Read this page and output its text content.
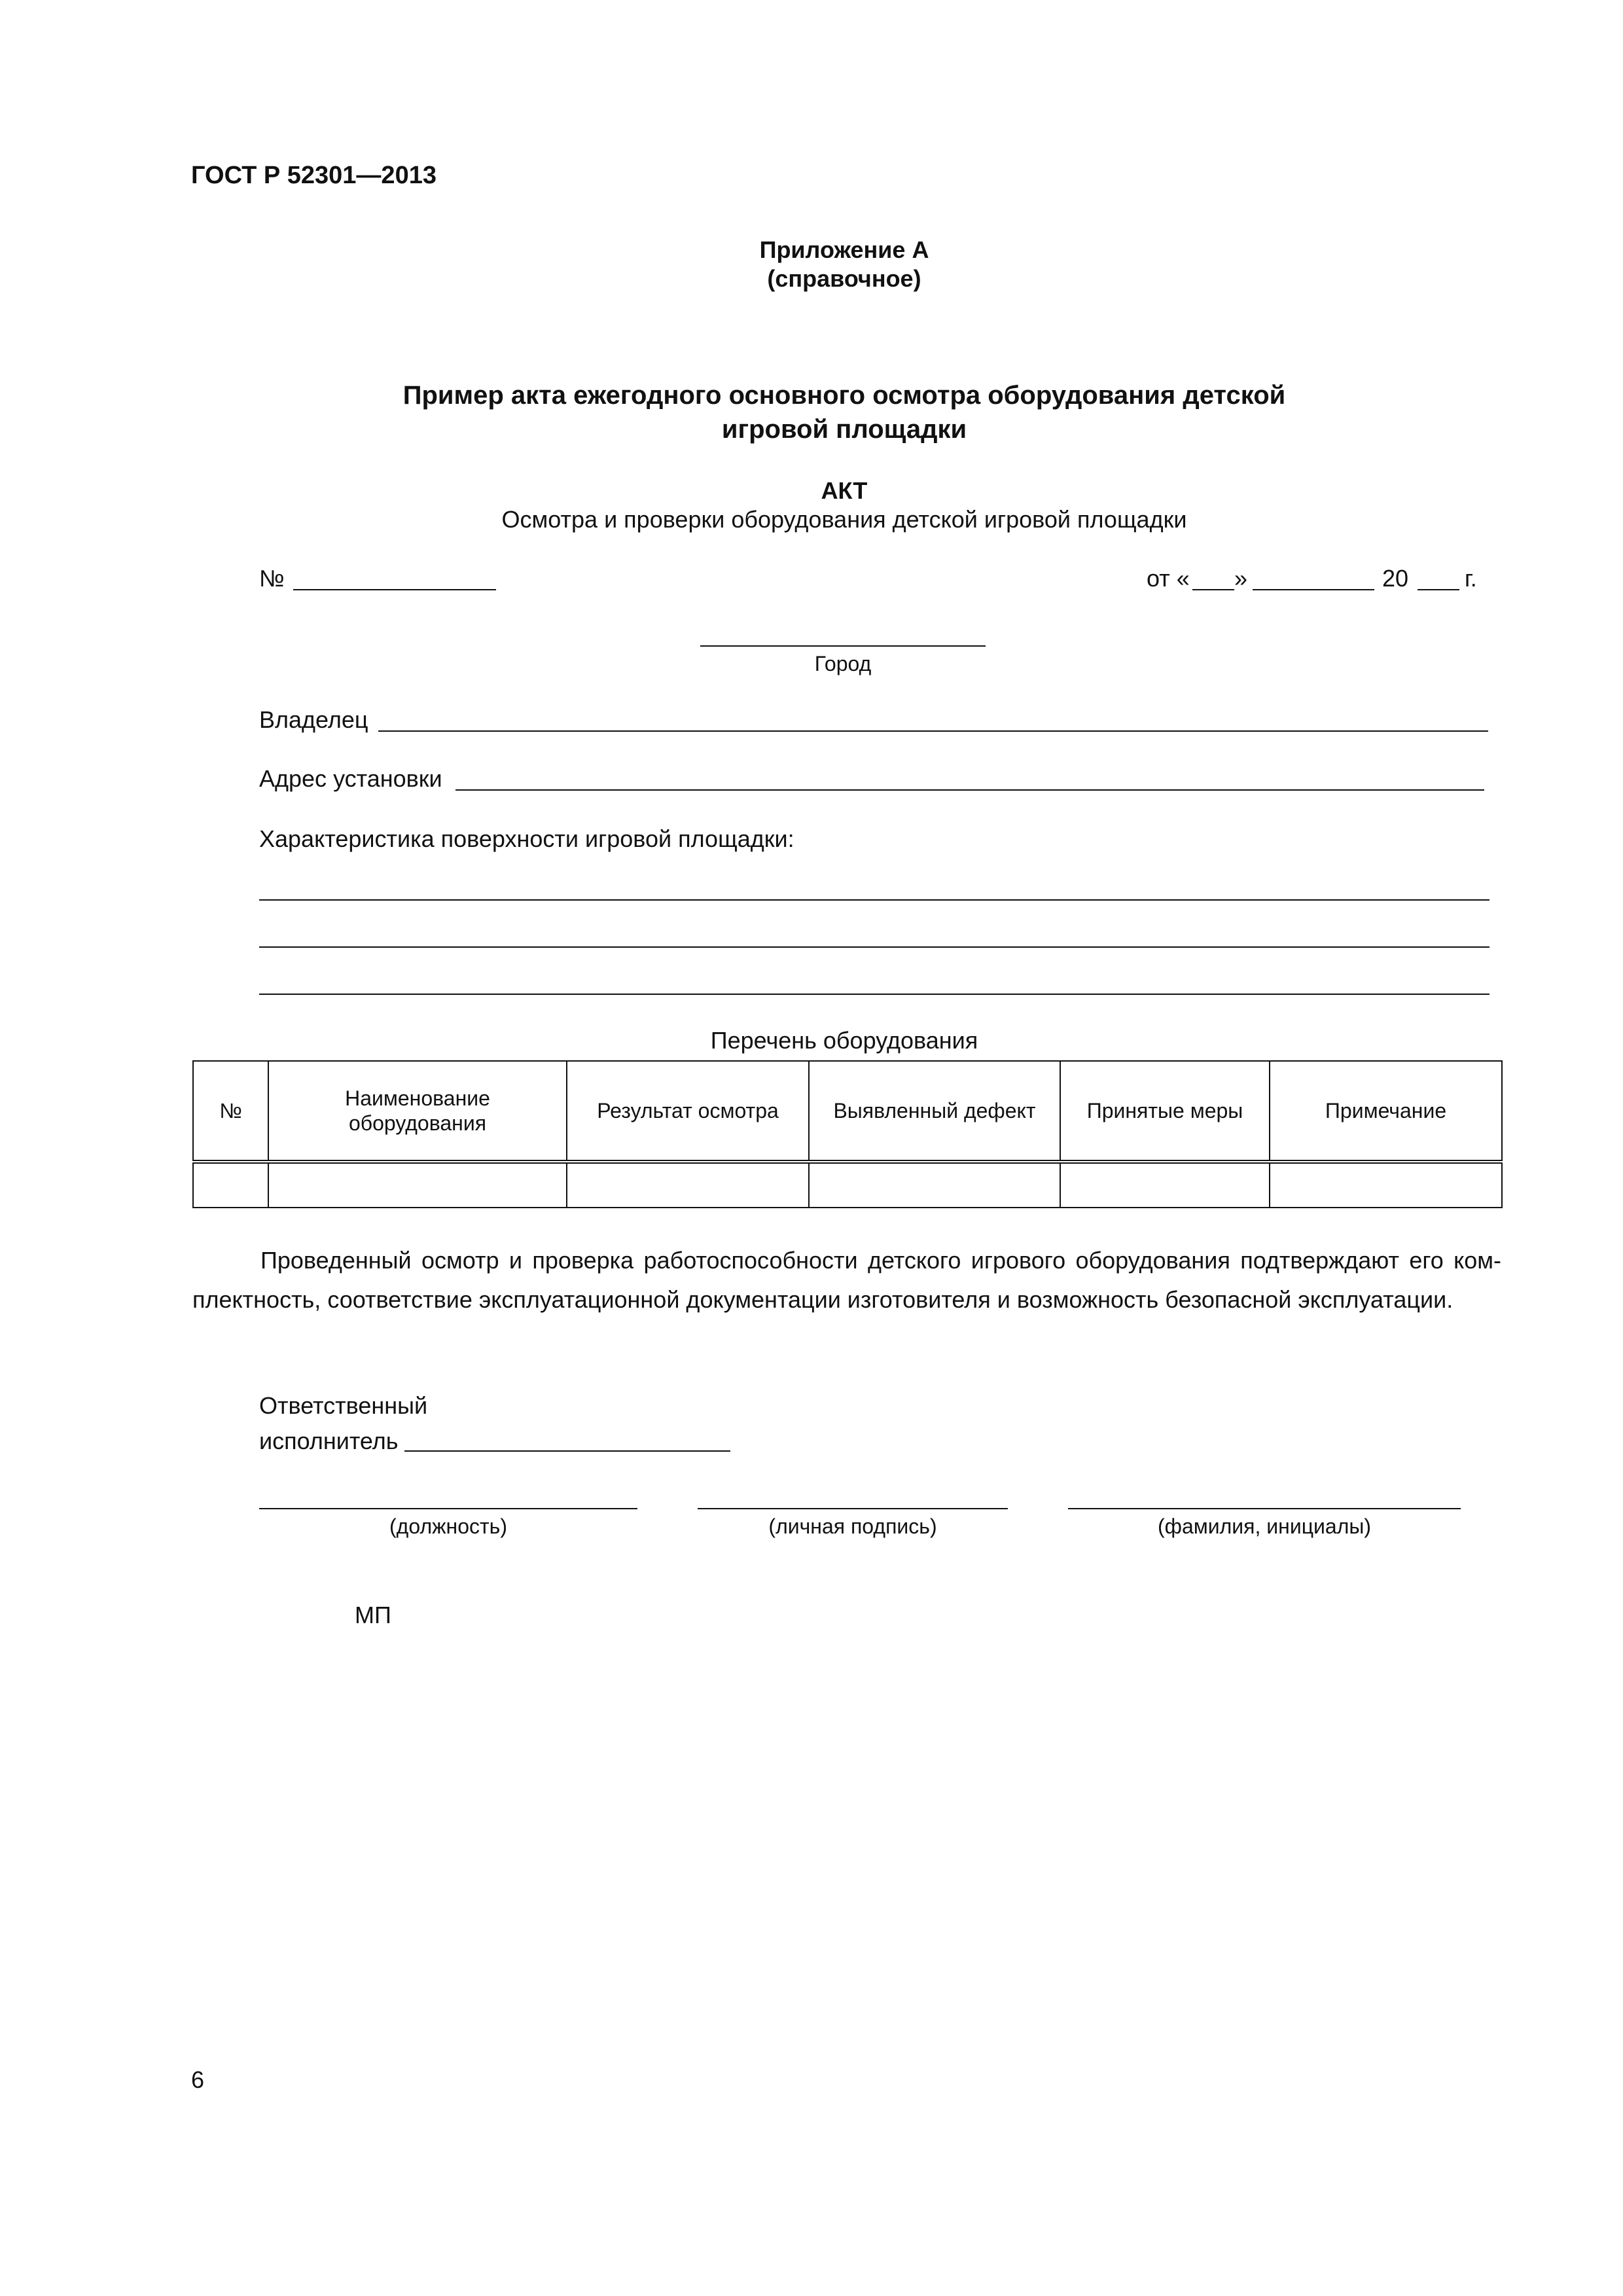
ГОСТ Р 52301—2013
Приложение А
(справочное)
Пример акта ежегодного основного осмотра оборудования детской
игровой площадки
АКТ
Осмотра и проверки оборудования детской игровой площадки
№	от « »	20 г.
Город
Владелец
Адрес установки
Характеристика поверхности игровой площадки:
Перечень оборудования
№	Наименование оборудования	Результат осмотра	Выявленный дефект	Принятые меры	Примечание

Проведенный осмотр и проверка работоспособности детского игрового оборудования подтверждают его ком-
плектность, соответствие эксплуатационной документации изготовителя и возможность безопасной эксплуатации.
Ответственный
исполнитель
(должность)	(личная подпись)	(фамилия, инициалы)
МП
6
